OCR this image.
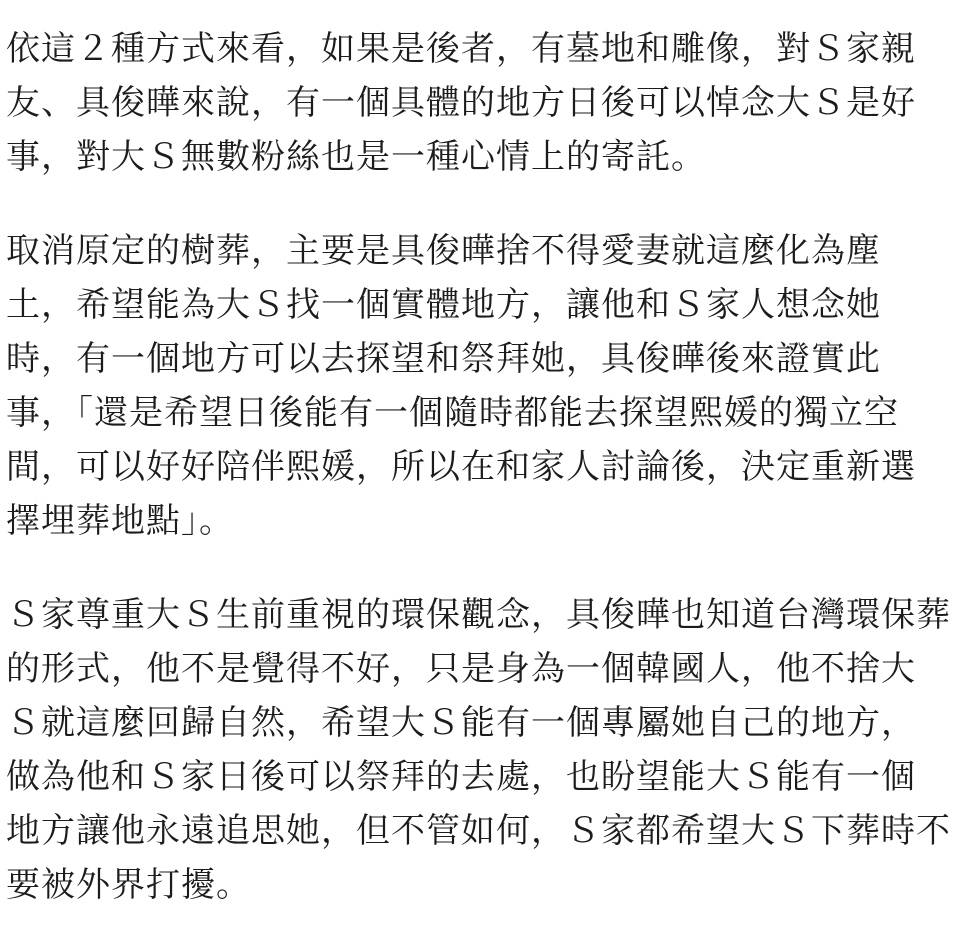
依這２種方式來看，如果是後者，有墓地和雕像，對Ｓ家親
友、具俊曄來說，有一個具體的地方日後可以悼念大Ｓ是好
事，對大Ｓ無數粉絲也是一種心情上的寄託。
取消原定的樹葬，主要是具俊曄捨不得愛妻就這麼化為塵
土，希望能為大Ｓ找一個實體地方，讓他和Ｓ家人想念她
時，有一個地方可以去探望和祭拜她，具俊曄後來證實此
事，「還是希望日後能有一個隨時都能去探望熙媛的獨立空
間，可以好好陪伴熙媛，所以在和家人討論後，決定重新選
擇埋葬地點」。
Ｓ家尊重大Ｓ生前重視的環保觀念，具俊曄也知道台灣環保葬
的形式，他不是覺得不好，只是身為一個韓國人，他不捨大
Ｓ就這麼回歸自然，希望大Ｓ能有一個專屬她自己的地方，
做為他和Ｓ家日後可以祭拜的去處，也盼望能大Ｓ能有一個
地方讓他永遠追思她，但不管如何，Ｓ家都希望大Ｓ下葬時不
要被外界打擾。
